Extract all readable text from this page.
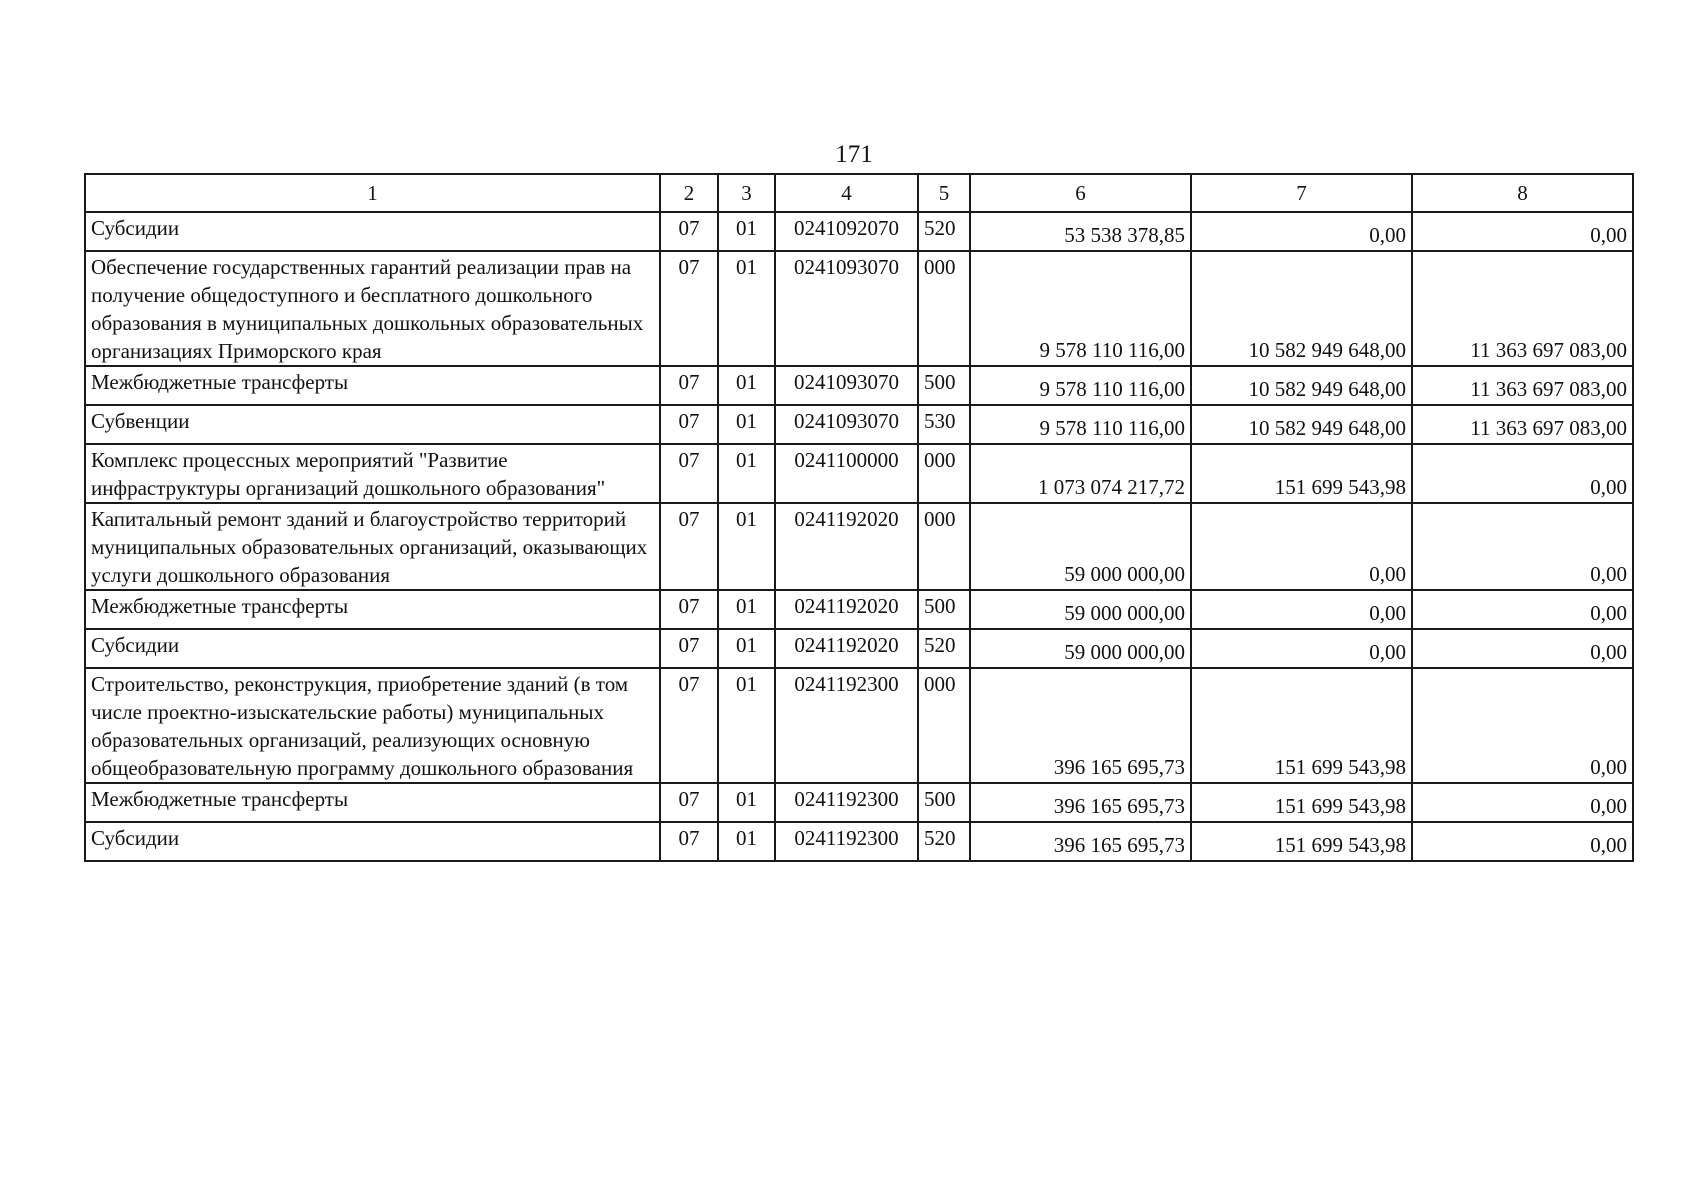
171
1	2	3	4	5	6	7	8
Субсидии	07	01	0241092070	520	53 538 378,85	0,00	0,00
Обеспечение государственных гарантий реализации прав на получение общедоступного и бесплатного дошкольного образования в муниципальных дошкольных образовательных организациях Приморского края	07	01	0241093070	000	9 578 110 116,00	10 582 949 648,00	11 363 697 083,00
Межбюджетные трансферты	07	01	0241093070	500	9 578 110 116,00	10 582 949 648,00	11 363 697 083,00
Субвенции	07	01	0241093070	530	9 578 110 116,00	10 582 949 648,00	11 363 697 083,00
Комплекс процессных мероприятий "Развитие инфраструктуры организаций дошкольного образования"	07	01	0241100000	000	1 073 074 217,72	151 699 543,98	0,00
Капитальный ремонт зданий и благоустройство территорий муниципальных образовательных организаций, оказывающих услуги дошкольного образования	07	01	0241192020	000	59 000 000,00	0,00	0,00
Межбюджетные трансферты	07	01	0241192020	500	59 000 000,00	0,00	0,00
Субсидии	07	01	0241192020	520	59 000 000,00	0,00	0,00
Строительство, реконструкция, приобретение зданий (в том числе проектно-изыскательские работы) муниципальных образовательных организаций, реализующих основную общеобразовательную программу дошкольного образования	07	01	0241192300	000	396 165 695,73	151 699 543,98	0,00
Межбюджетные трансферты	07	01	0241192300	500	396 165 695,73	151 699 543,98	0,00
Субсидии	07	01	0241192300	520	396 165 695,73	151 699 543,98	0,00
